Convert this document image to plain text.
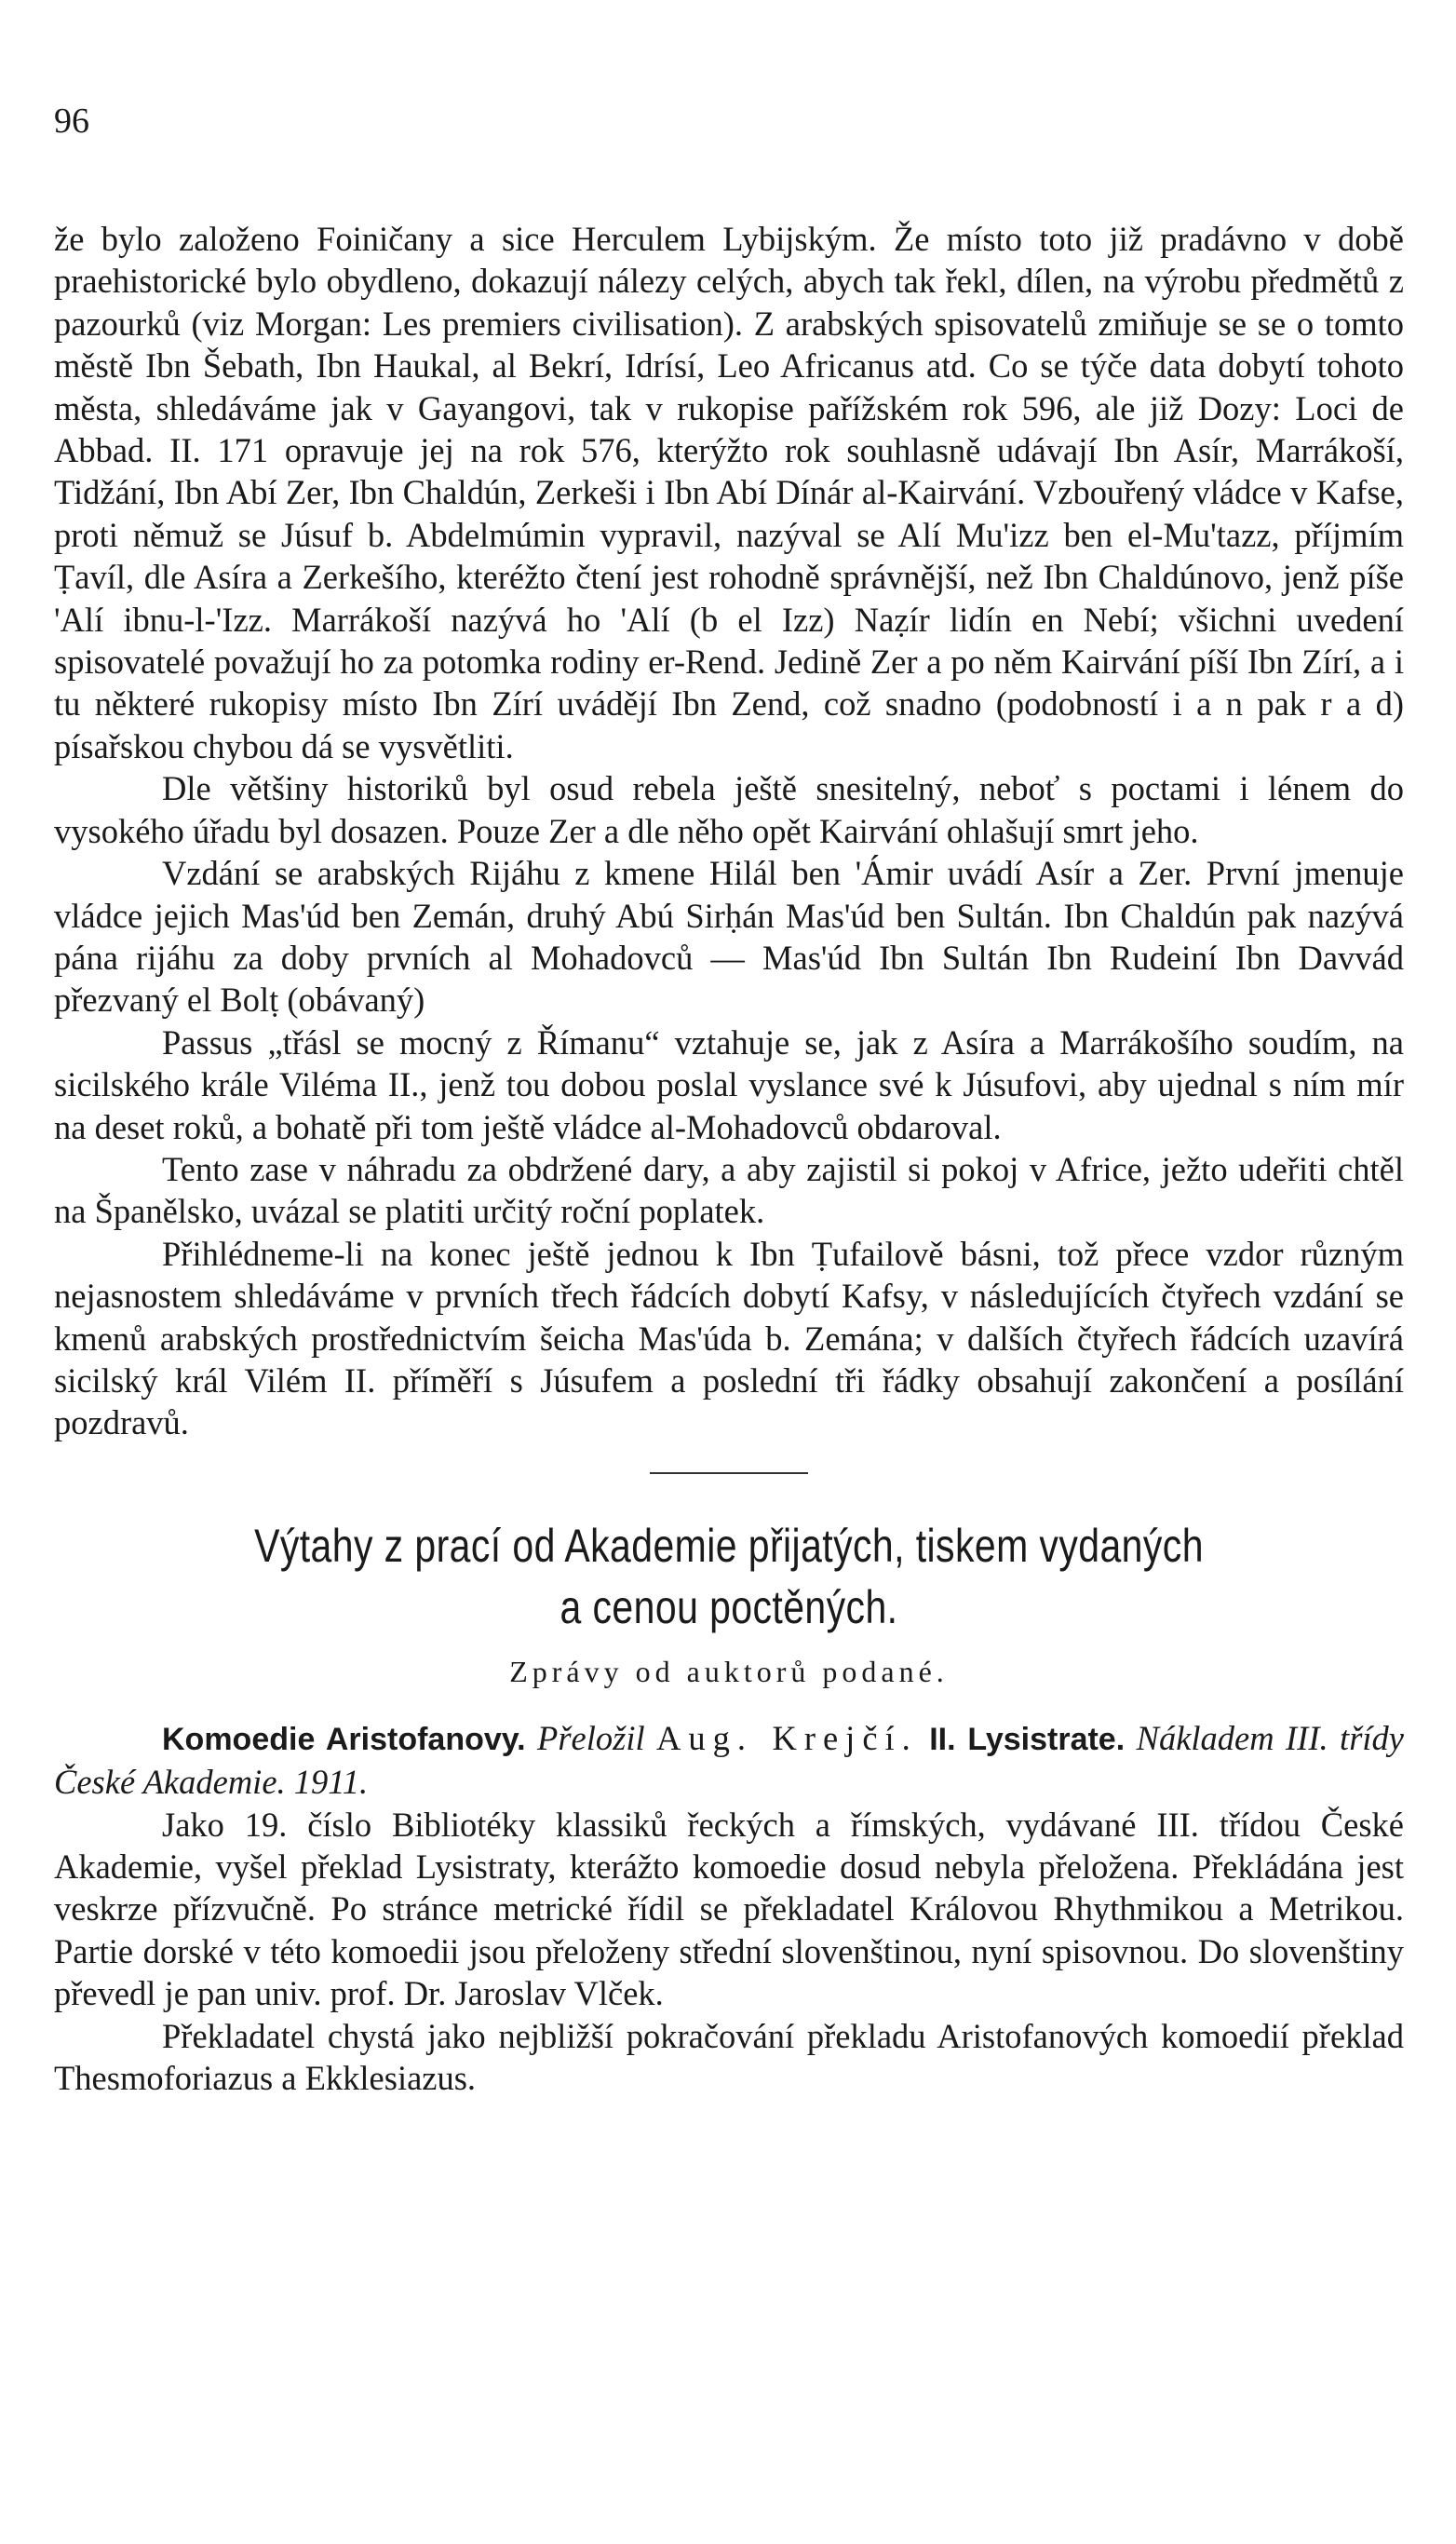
96

že bylo založeno Foiničany a sice Herculem Lybijským. Že místo toto již pradávno v době praehistorické bylo obydleno, dokazují nálezy celých, abych tak řekl, dílen, na výrobu předmětů z pazourků (viz Morgan: Les premiers civilisation). Z arabských spisovatelů zmiňuje se se o tomto městě Ibn Šebath, Ibn Haukal, al Bekrí, Idrísí, Leo Africanus atd. Co se týče data dobytí tohoto města, shledáváme jak v Gayangovi, tak v rukopise pařížském rok 596, ale již Dozy: Loci de Abbad. II. 171 opravuje jej na rok 576, kterýžto rok souhlasně udávají Ibn Asír, Marrákoší, Tidžání, Ibn Abí Zer, Ibn Chaldún, Zerkeši i Ibn Abí Dínár al-Kairvání. Vzbouřený vládce v Kafse, proti němuž se Júsuf b. Abdelmúmin vypravil, nazýval se Alí Mu'izz ben el-Mu'tazz, příjmím Ṭavíl, dle Asíra a Zerkešího, kteréžto čtení jest rohodně správnější, než Ibn Chaldúnovo, jenž píše 'Alí ibnu-l-'Izz. Marrákoší nazývá ho 'Alí (b el Izz) Naẓír lidín en Nebí; všichni uvedení spisovatelé považují ho za potomka rodiny er-Rend. Jedině Zer a po něm Kairvání píší Ibn Zírí, a i tu některé rukopisy místo Ibn Zírí uvádějí Ibn Zend, což snadno (podobností i a n pak r a d) písařskou chybou dá se vysvětliti.

Dle většiny historiků byl osud rebela ještě snesitelný, neboť s poctami i lénem do vysokého úřadu byl dosazen. Pouze Zer a dle něho opět Kairvání ohlašují smrt jeho.

Vzdání se arabských Rijáhu z kmene Hilál ben 'Ámir uvádí Asír a Zer. První jmenuje vládce jejich Mas'úd ben Zemán, druhý Abú Sirḥán Mas'úd ben Sultán. Ibn Chaldún pak nazývá pána rijáhu za doby prvních al Mohadovců — Mas'úd Ibn Sultán Ibn Rudeiní Ibn Davvád přezvaný el Bolṭ (obávaný)

Passus „třásl se mocný z Římanu“ vztahuje se, jak z Asíra a Marrákošího soudím, na sicilského krále Viléma II., jenž tou dobou poslal vyslance své k Júsufovi, aby ujednal s ním mír na deset roků, a bohatě při tom ještě vládce al-Mohadovců obdaroval.

Tento zase v náhradu za obdržené dary, a aby zajistil si pokoj v Africe, ježto udeřiti chtěl na Španělsko, uvázal se platiti určitý roční poplatek.

Přihlédneme-li na konec ještě jednou k Ibn Ṭufailově básni, tož přece vzdor různým nejasnostem shledáváme v prvních třech řádcích dobytí Kafsy, v následujících čtyřech vzdání se kmenů arabských prostřednictvím šeicha Mas'úda b. Zemána; v dalších čtyřech řádcích uzavírá sicilský král Vilém II. příměří s Júsufem a poslední tři řádky obsahují zakončení a posílání pozdravů.

Výtahy z prací od Akademie přijatých, tiskem vydaných
a cenou poctěných.
Zprávy od auktorů podané.

Komoedie Aristofanovy. Přeložil Aug. Krejčí. II. Lysistrate. Nákladem III. třídy České Akademie. 1911.

Jako 19. číslo Bibliotéky klassiků řeckých a římských, vydávané III. třídou České Akademie, vyšel překlad Lysistraty, kterážto komoedie dosud nebyla přeložena. Překládána jest veskrze přízvučně. Po stránce metrické řídil se překladatel Královou Rhythmikou a Metrikou. Partie dorské v této komoedii jsou přeloženy střední slovenštinou, nyní spisovnou. Do slovenštiny převedl je pan univ. prof. Dr. Jaroslav Vlček.

Překladatel chystá jako nejbližší pokračování překladu Aristofanových komoedií překlad Thesmoforiazus a Ekklesiazus.
